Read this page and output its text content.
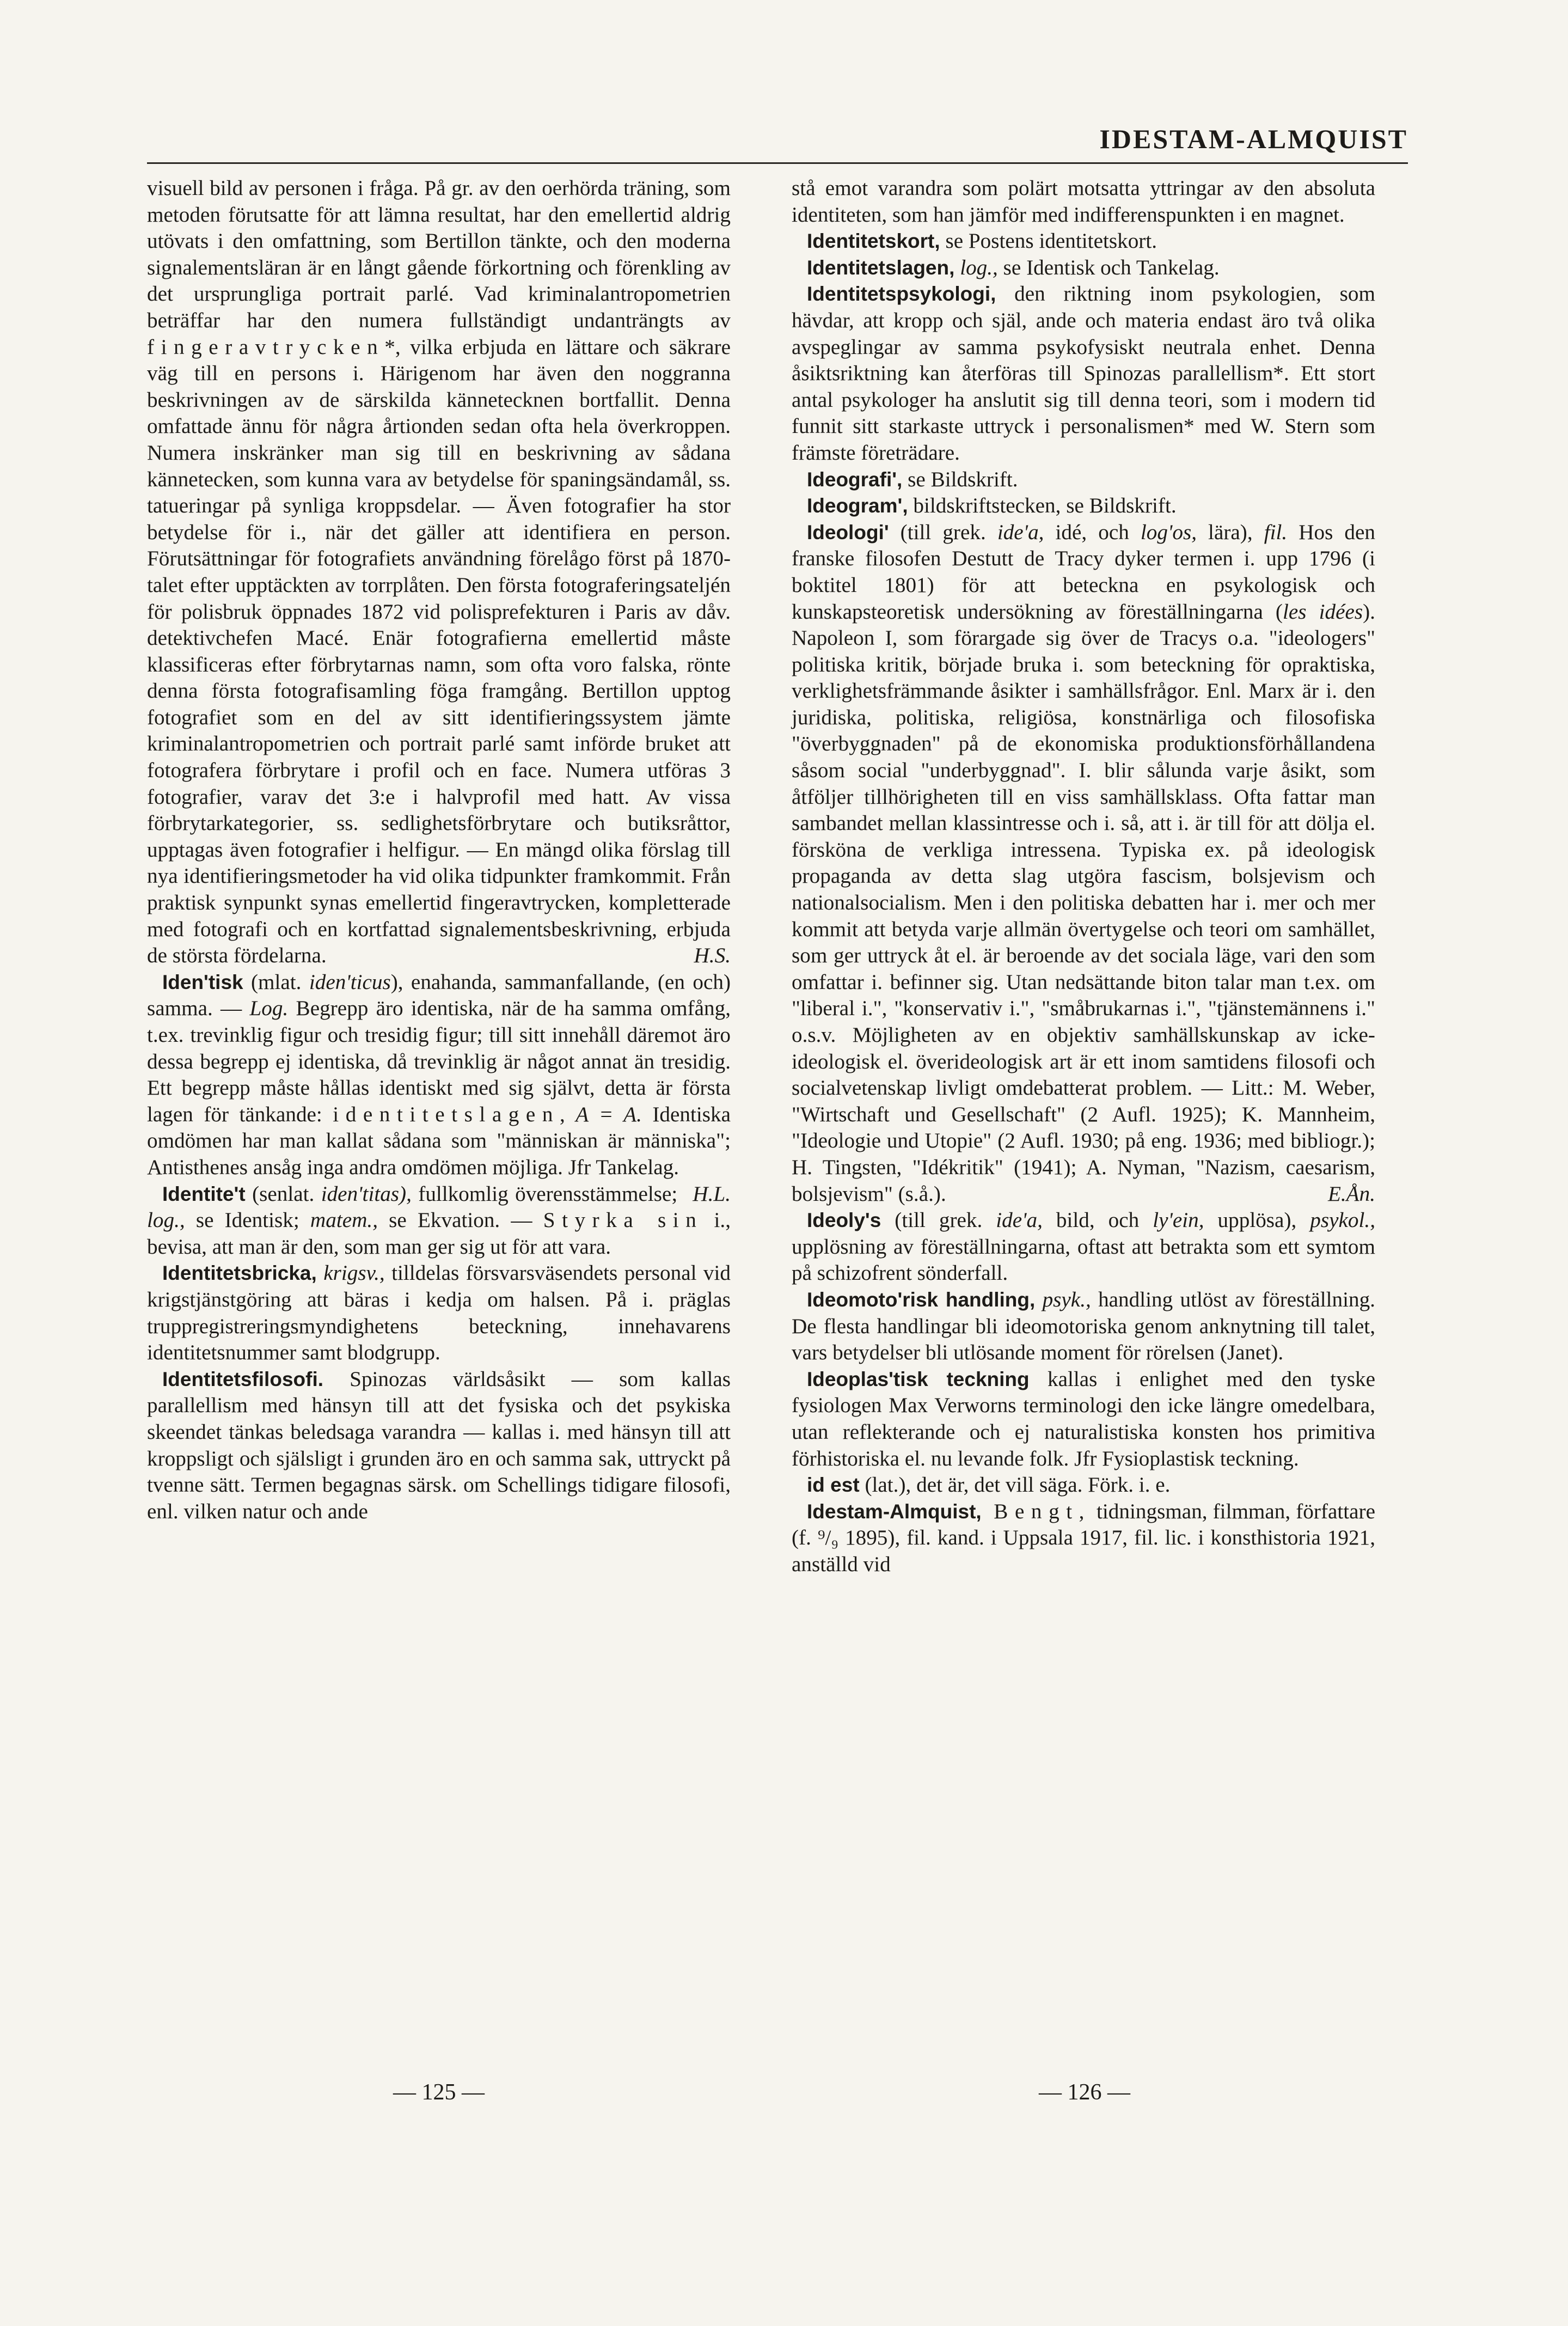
IDESTAM-ALMQUIST

visuell bild av personen i fråga. På gr. av den oerhörda träning, som metoden förutsatte för att lämna resultat, har den emellertid aldrig utövats i den omfattning, som Bertillon tänkte, och den moderna signalementsläran är en långt gående förkortning och förenkling av det ursprungliga portrait parlé. Vad kriminalantropometrien beträffar har den numera fullständigt undanträngts av fingeravtrycken*, vilka erbjuda en lättare och säkrare väg till en persons i. Härigenom har även den noggranna beskrivningen av de särskilda kännetecknen bortfallit. Denna omfattade ännu för några årtionden sedan ofta hela överkroppen. Numera inskränker man sig till en beskrivning av sådana kännetecken, som kunna vara av betydelse för spaningsändamål, ss. tatueringar på synliga kroppsdelar. — Även fotografier ha stor betydelse för i., när det gäller att identifiera en person. Förutsättningar för fotografiets användning förelågo först på 1870-talet efter upptäckten av torrplåten. Den första fotograferingsateljén för polisbruk öppnades 1872 vid polisprefekturen i Paris av dåv. detektivchefen Macé. Enär fotografierna emellertid måste klassificeras efter förbrytarnas namn, som ofta voro falska, rönte denna första fotografisamling föga framgång. Bertillon upptog fotografiet som en del av sitt identifieringssystem jämte kriminalantropometrien och portrait parlé samt införde bruket att fotografera förbrytare i profil och en face. Numera utföras 3 fotografier, varav det 3:e i halvprofil med hatt. Av vissa förbrytarkategorier, ss. sedlighetsförbrytare och butiksråttor, upptagas även fotografier i helfigur. — En mängd olika förslag till nya identifieringsmetoder ha vid olika tidpunkter framkommit. Från praktisk synpunkt synas emellertid fingeravtrycken, kompletterade med fotografi och en kortfattad signalementsbeskrivning, erbjuda de största fördelarna.	H.S.

Iden'tisk (mlat. iden'ticus), enahanda, sammanfallande, (en och) samma. — Log. Begrepp äro identiska, när de ha samma omfång, t.ex. trevinklig figur och tresidig figur; till sitt innehåll däremot äro dessa begrepp ej identiska, då trevinklig är något annat än tresidig. Ett begrepp måste hållas identiskt med sig självt, detta är första lagen för tänkande: identitetslagen, A = A. Identiska omdömen har man kallat sådana som "människan är människa"; Antisthenes ansåg inga andra omdömen möjliga. Jfr Tankelag.
H.L.

Identite't (senlat. iden'titas), fullkomlig överensstämmelse; log., se Identisk; matem., se Ekvation. — Styrka sin i., bevisa, att man är den, som man ger sig ut för att vara.

Identitetsbricka, krigsv., tilldelas försvarsväsendets personal vid krigstjänstgöring att bäras i kedja om halsen. På i. präglas truppregistreringsmyndighetens beteckning, innehavarens identitetsnummer samt blodgrupp.

Identitetsfilosofi. Spinozas världsåsikt — som kallas parallellism med hänsyn till att det fysiska och det psykiska skeendet tänkas beledsaga varandra — kallas i. med hänsyn till att kroppsligt och själsligt i grunden äro en och samma sak, uttryckt på tvenne sätt. Termen begagnas särsk. om Schellings tidigare filosofi, enl. vilken natur och ande

stå emot varandra som polärt motsatta yttringar av den absoluta identiteten, som han jämför med indifferenspunkten i en magnet.

Identitetskort, se Postens identitetskort.

Identitetslagen, log., se Identisk och Tankelag.

Identitetspsykologi, den riktning inom psykologien, som hävdar, att kropp och själ, ande och materia endast äro två olika avspeglingar av samma psykofysiskt neutrala enhet. Denna åsiktsriktning kan återföras till Spinozas parallellism*. Ett stort antal psykologer ha anslutit sig till denna teori, som i modern tid funnit sitt starkaste uttryck i personalismen* med W. Stern som främste företrädare.

Ideografi', se Bildskrift.

Ideogram', bildskriftstecken, se Bildskrift.

Ideologi' (till grek. ide'a, idé, och log'os, lära), fil. Hos den franske filosofen Destutt de Tracy dyker termen i. upp 1796 (i boktitel 1801) för att beteckna en psykologisk och kunskapsteoretisk undersökning av föreställningarna (les idées). Napoleon I, som förargade sig över de Tracys o.a. "ideologers" politiska kritik, började bruka i. som beteckning för opraktiska, verklighetsfrämmande åsikter i samhällsfrågor. Enl. Marx är i. den juridiska, politiska, religiösa, konstnärliga och filosofiska "överbyggnaden" på de ekonomiska produktionsförhållandena såsom social "underbyggnad". I. blir sålunda varje åsikt, som åtföljer tillhörigheten till en viss samhällsklass. Ofta fattar man sambandet mellan klassintresse och i. så, att i. är till för att dölja el. försköna de verkliga intressena. Typiska ex. på ideologisk propaganda av detta slag utgöra fascism, bolsjevism och nationalsocialism. Men i den politiska debatten har i. mer och mer kommit att betyda varje allmän övertygelse och teori om samhället, som ger uttryck åt el. är beroende av det sociala läge, vari den som omfattar i. befinner sig. Utan nedsättande biton talar man t.ex. om "liberal i.", "konservativ i.", "småbrukarnas i.", "tjänstemännens i." o.s.v. Möjligheten av en objektiv samhällskunskap av icke-ideologisk el. överideologisk art är ett inom samtidens filosofi och socialvetenskap livligt omdebatterat problem. — Litt.: M. Weber, "Wirtschaft und Gesellschaft" (2 Aufl. 1925); K. Mannheim, "Ideologie und Utopie" (2 Aufl. 1930; på eng. 1936; med bibliogr.); H. Tingsten, "Idékritik" (1941); A. Nyman, "Nazism, caesarism, bolsjevism" (s.å.).	E.Ån.

Ideoly's (till grek. ide'a, bild, och ly'ein, upplösa), psykol., upplösning av föreställningarna, oftast att betrakta som ett symtom på schizofrent sönderfall.

Ideomoto'risk handling, psyk., handling utlöst av föreställning. De flesta handlingar bli ideomotoriska genom anknytning till talet, vars betydelser bli utlösande moment för rörelsen (Janet).

Ideoplas'tisk teckning kallas i enlighet med den tyske fysiologen Max Verworns terminologi den icke längre omedelbara, utan reflekterande och ej naturalistiska konsten hos primitiva förhistoriska el. nu levande folk. Jfr Fysioplastisk teckning.

id est (lat.), det är, det vill säga. Förk. i. e.

Idestam-Almquist, Bengt, tidningsman, filmman, författare (f. ⁹/₉ 1895), fil. kand. i Uppsala 1917, fil. lic. i konsthistoria 1921, anställd vid

— 125 —	— 126 —
